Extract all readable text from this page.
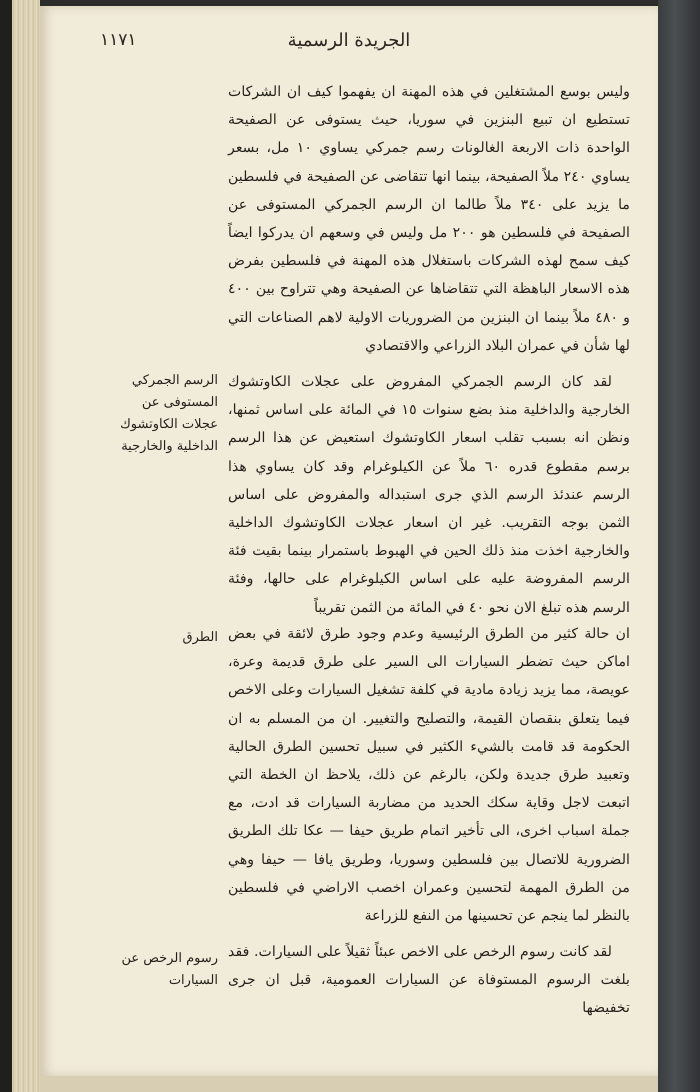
١١٧١	الجريدة الرسمية

وليس بوسع المشتغلين في هذه المهنة ان يفهموا كيف ان الشركات تستطيع ان تبيع البنزين في سوريا، حيث يستوفى عن الصفيحة الواحدة ذات الاربعة الغالونات رسم جمركي يساوي ١٠ مل، بسعر يساوي ٢٤٠ ملاً الصفيحة، بينما انها تتقاضى عن الصفيحة في فلسطين ما يزيد على ٣٤٠ ملاً طالما ان الرسم الجمركي المستوفى عن الصفيحة في فلسطين هو ٢٠٠ مل وليس في وسعهم ان يدركوا ايضاً كيف سمح لهذه الشركات باستغلال هذه المهنة في فلسطين بفرض هذه الاسعار الباهظة التي تتقاضاها عن الصفيحة وهي تتراوح بين ٤٠٠ و ٤٨٠ ملاً بينما ان البنزين من الضروريات الاولية لاهم الصناعات التي لها شأن في عمران البلاد الزراعي والاقتصادي

لقد كان الرسم الجمركي المفروض على عجلات الكاوتشوك الخارجية والداخلية منذ بضع سنوات ١٥ في المائة على اساس ثمنها، ونظن انه بسبب تقلب اسعار الكاوتشوك استعيض عن هذا الرسم برسم مقطوع قدره ٦٠ ملاً عن الكيلوغرام وقد كان يساوي هذا الرسم عندئذ الرسم الذي جرى استبداله والمفروض على اساس الثمن بوجه التقريب. غير ان اسعار عجلات الكاوتشوك الداخلية والخارجية اخذت منذ ذلك الحين في الهبوط باستمرار بينما بقيت فئة الرسم المفروضة عليه على اساس الكيلوغرام على حالها، وفئة الرسم هذه تبلغ الان نحو ٤٠ في المائة من الثمن تقريباً

ان حالة كثير من الطرق الرئيسية وعدم وجود طرق لائقة في بعض اماكن حيث تضطر السيارات الى السير على طرق قديمة وعرة، عويصة، مما يزيد زيادة مادية في كلفة تشغيل السيارات وعلى الاخص فيما يتعلق بنقصان القيمة، والتصليح والتغيير. ان من المسلم به ان الحكومة قد قامت بالشيء الكثير في سبيل تحسين الطرق الحالية وتعبيد طرق جديدة ولكن، بالرغم عن ذلك، يلاحظ ان الخطة التي اتبعت لاجل وقاية سكك الحديد من مضاربة السيارات قد ادت، مع جملة اسباب اخرى، الى تأخير اتمام طريق حيفا — عكا تلك الطريق الضرورية للاتصال بين فلسطين وسوريا، وطريق يافا — حيفا وهي من الطرق المهمة لتحسين وعمران اخصب الاراضي في فلسطين بالنظر لما ينجم عن تحسينها من النفع للزراعة

لقد كانت رسوم الرخص على الاخص عبئاً ثقيلاً على السيارات. فقد بلغت الرسوم المستوفاة عن السيارات العمومية، قبل ان جرى تخفيضها

الرسم الجمركي المستوفى عن عجلات الكاوتشوك الداخلية والخارجية
الطرق
رسوم الرخص عن السيارات
